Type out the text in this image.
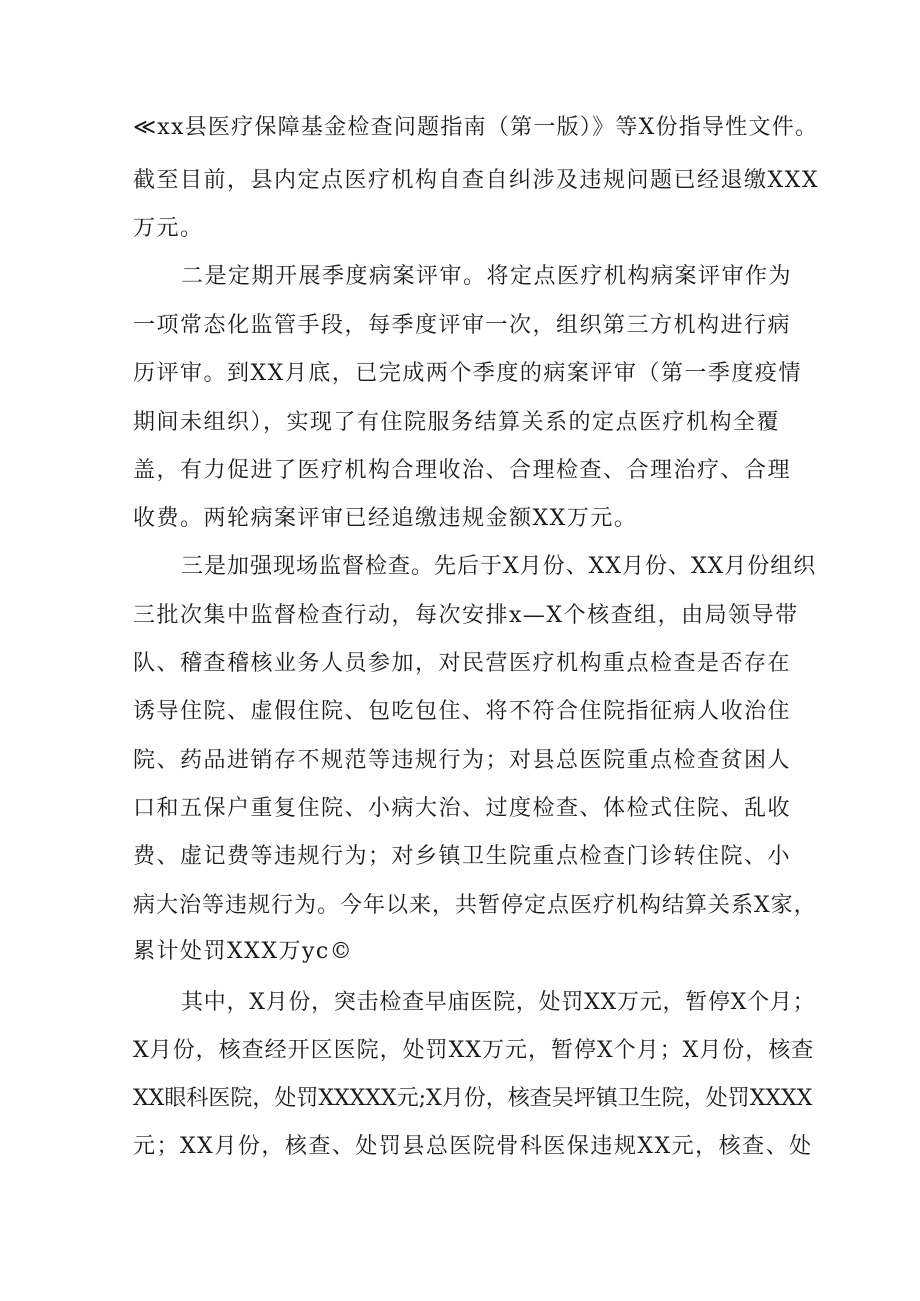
≪xx县医疗保障基金检查问题指南（第一版）》等X份指导性文件。
截至目前，县内定点医疗机构自查自纠涉及违规问题已经退缴XXX
万元。
二是定期开展季度病案评审。将定点医疗机构病案评审作为
一项常态化监管手段，每季度评审一次，组织第三方机构进行病
历评审。到XX月底，已完成两个季度的病案评审（第一季度疫情
期间未组织），实现了有住院服务结算关系的定点医疗机构全覆
盖，有力促进了医疗机构合理收治、合理检查、合理治疗、合理
收费。两轮病案评审已经追缴违规金额XX万元。
三是加强现场监督检查。先后于X月份、XX月份、XX月份组织
三批次集中监督检查行动，每次安排x—X个核查组，由局领导带
队、稽查稽核业务人员参加，对民营医疗机构重点检查是否存在
诱导住院、虚假住院、包吃包住、将不符合住院指征病人收治住
院、药品进销存不规范等违规行为；对县总医院重点检查贫困人
口和五保户重复住院、小病大治、过度检查、体检式住院、乱收
费、虚记费等违规行为；对乡镇卫生院重点检查门诊转住院、小
病大治等违规行为。今年以来，共暂停定点医疗机构结算关系X家，
累计处罚XXX万yc©
其中，X月份，突击检查早庙医院，处罚XX万元，暂停X个月；
X月份，核查经开区医院，处罚XX万元，暂停X个月；X月份，核查
XX眼科医院，处罚XXXXX元;X月份，核查吴坪镇卫生院，处罚XXXX
元；XX月份，核查、处罚县总医院骨科医保违规XX元，核查、处
